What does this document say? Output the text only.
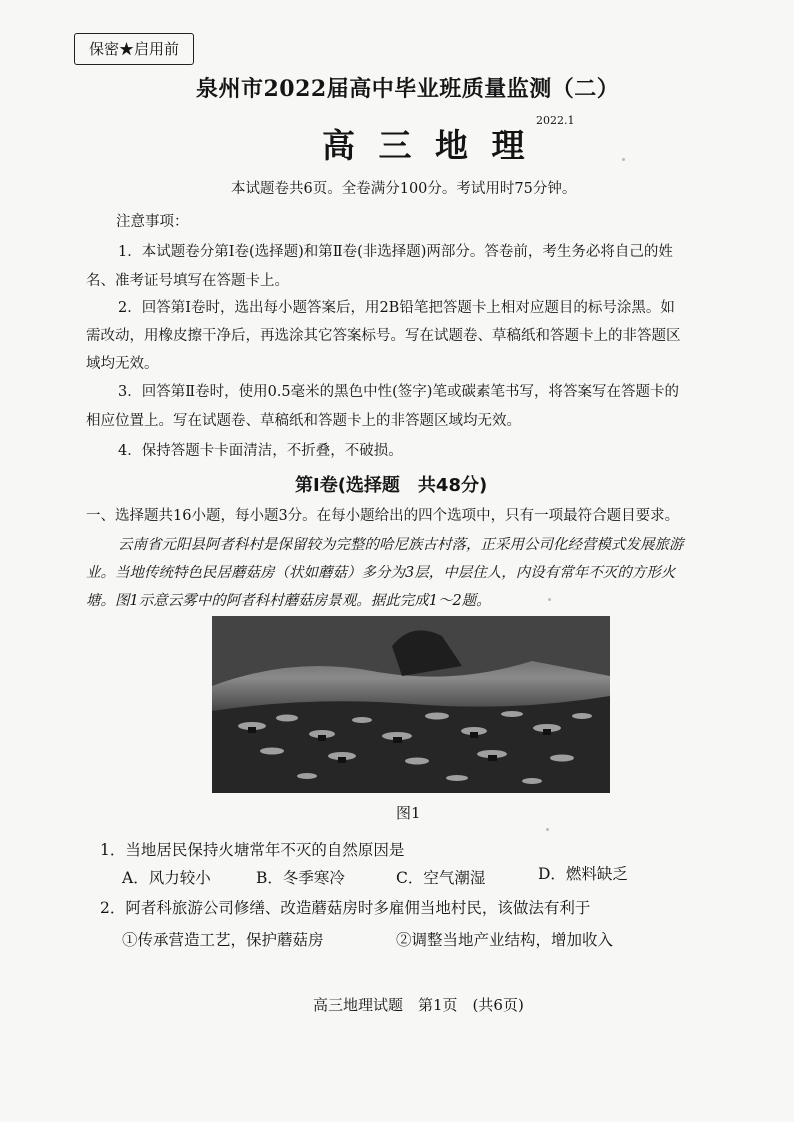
保密★启用前
泉州市2022届高中毕业班质量监测（二）
2022.1
高 三 地 理
本试题卷共6页。全卷满分100分。考试用时75分钟。
注意事项：
1．本试题卷分第Ⅰ卷(选择题)和第Ⅱ卷(非选择题)两部分。答卷前，考生务必将自己的姓
名、准考证号填写在答题卡上。
2．回答第Ⅰ卷时，选出每小题答案后，用2B铅笔把答题卡上相对应题目的标号涂黑。如
需改动，用橡皮擦干净后，再选涂其它答案标号。写在试题卷、草稿纸和答题卡上的非答题区
域均无效。
3．回答第Ⅱ卷时，使用0.5毫米的黑色中性(签字)笔或碳素笔书写，将答案写在答题卡的
相应位置上。写在试题卷、草稿纸和答题卡上的非答题区域均无效。
4．保持答题卡卡面清洁，不折叠，不破损。
第Ⅰ卷(选择题　共48分)
一、选择题共16小题，每小题3分。在每小题给出的四个选项中，只有一项最符合题目要求。
云南省元阳县阿者科村是保留较为完整的哈尼族古村落，正采用公司化经营模式发展旅游
业。当地传统特色民居蘑菇房（状如蘑菇）多分为3层，中层住人，内设有常年不灭的方形火
塘。图1示意云雾中的阿者科村蘑菇房景观。据此完成1～2题。
图1
1．当地居民保持火塘常年不灭的自然原因是
A．风力较小	B．冬季寒冷	C．空气潮湿	D．燃料缺乏
2．阿者科旅游公司修缮、改造蘑菇房时多雇佣当地村民，该做法有利于
①传承营造工艺，保护蘑菇房	②调整当地产业结构，增加收入
高三地理试题　第1页　(共6页)
